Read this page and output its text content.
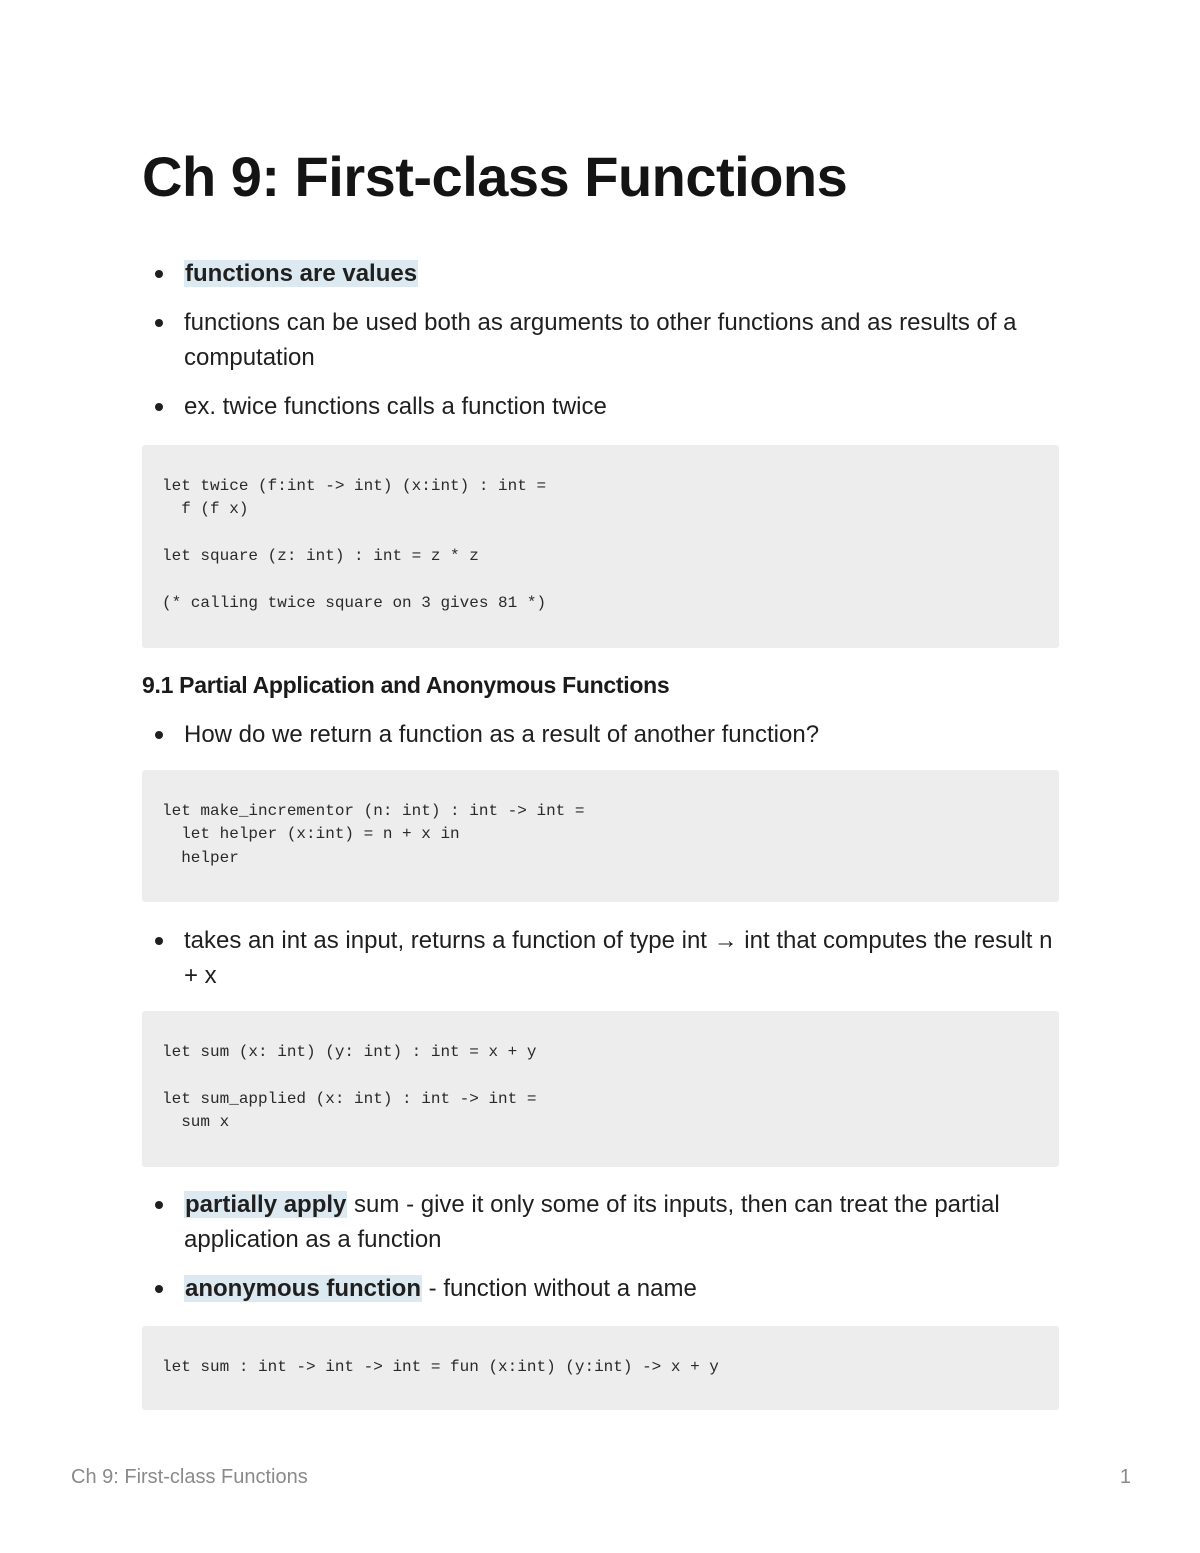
Ch 9: First-class Functions
functions are values
functions can be used both as arguments to other functions and as results of a computation
ex. twice functions calls a function twice
let twice (f:int -> int) (x:int) : int =
f (f x)

let square (z: int) : int = z * z

(* calling twice square on 3 gives 81 *)
9.1 Partial Application and Anonymous Functions
How do we return a function as a result of another function?
let make_incrementor (n: int) : int -> int =
let helper (x:int) = n + x in
helper
takes an int as input, returns a function of type int → int that computes the result n + x
let sum (x: int) (y: int) : int = x + y

let sum_applied (x: int) : int -> int =
sum x
partially apply sum - give it only some of its inputs, then can treat the partial application as a function
anonymous function - function without a name
let sum : int -> int -> int = fun (x:int) (y:int) -> x + y
Ch 9: First-class Functions	1
